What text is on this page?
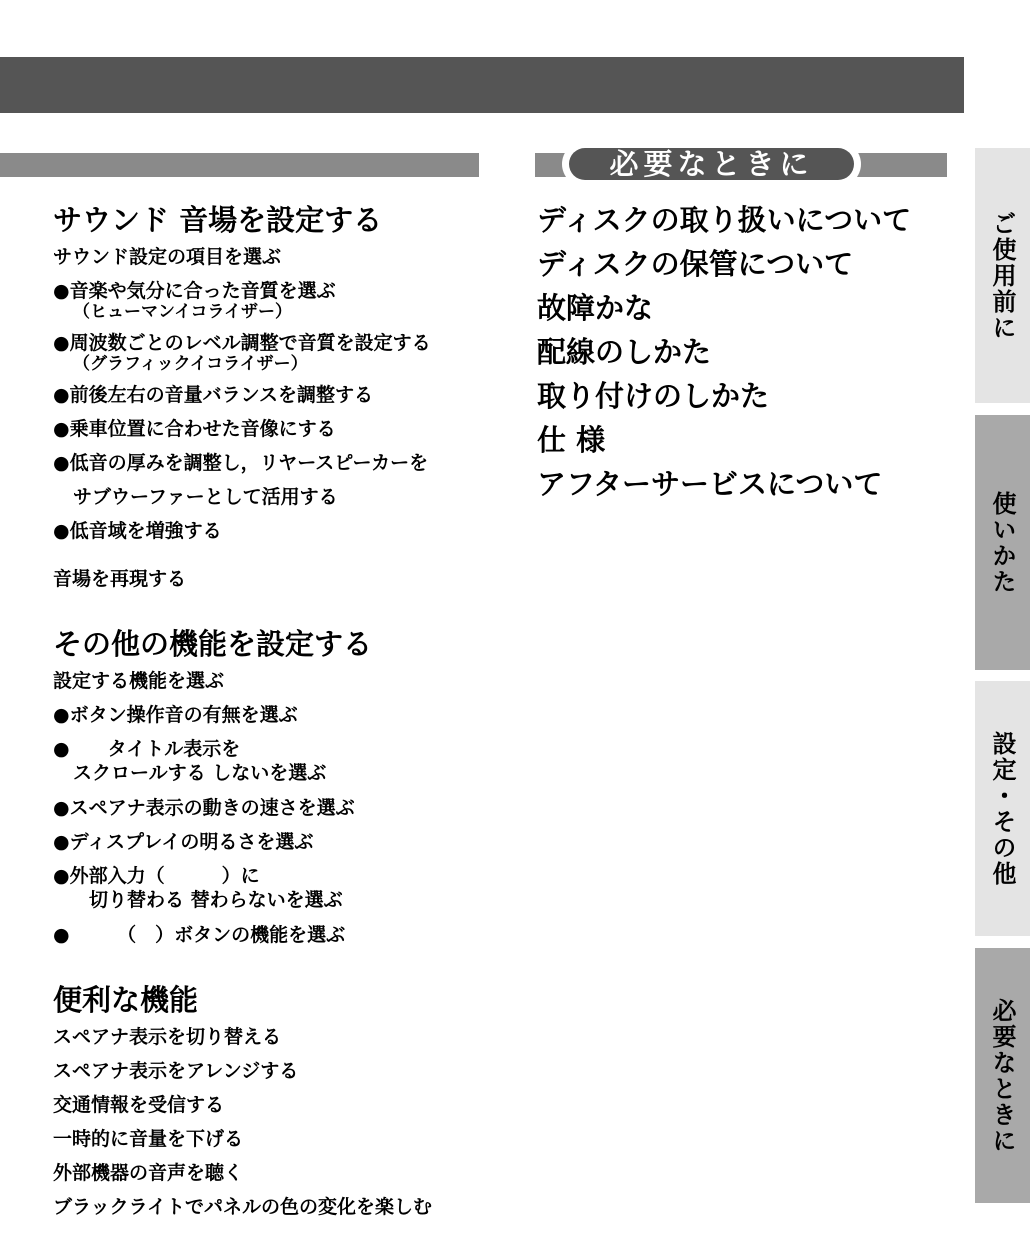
必要なときに
サウンド 音場を設定する

サウンド設定の項目を選ぶ

●音楽や気分に合った音質を選ぶ

（ヒューマンイコライザー）

●周波数ごとのレベル調整で音質を設定する

（グラフィックイコライザー）

●前後左右の音量バランスを調整する

●乗車位置に合わせた音像にする

●低音の厚みを調整し，リヤースピーカーを

サブウーファーとして活用する

●低音域を増強する

音場を再現する

その他の機能を設定する

設定する機能を選ぶ

●ボタン操作音の有無を選ぶ

●　　タイトル表示を

スクロールする しないを選ぶ

●スペアナ表示の動きの速さを選ぶ

●ディスプレイの明るさを選ぶ

●外部入力（　　　）に

切り替わる 替わらないを選ぶ

●　　　（　）ボタンの機能を選ぶ

便利な機能

スペアナ表示を切り替える

スペアナ表示をアレンジする

交通情報を受信する

一時的に音量を下げる

外部機器の音声を聴く

ブラックライトでパネルの色の変化を楽しむ

ディスクの取り扱いについて

ディスクの保管について

故障かな

配線のしかた

取り付けのしかた

仕 様

アフターサービスについて

ご使用前に
使いかた
設定・その他
必要なときに
